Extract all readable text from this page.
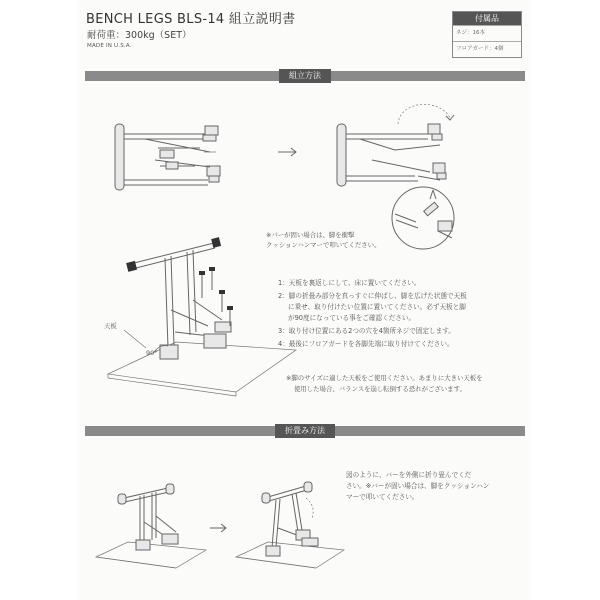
BENCH LEGS BLS-14 組立説明書
耐荷重：300kg（SET）
MADE IN U.S.A.
付属品
ネジ：16本
フロアガード：4個
組立方法
※バーが固い場合は、脚を衝撃
クッションハンマーで叩いてください。
天板
90°
1：天板を裏返しにして、床に置いてください。
2：脚の折畳み部分を真っすぐに伸ばし、脚を広げた状態で天板
に乗せ、取り付けたい位置に置いてください。必ず天板と脚
が90度になっている事をご確認ください。
3：取り付け位置にある2つの穴を4箇所ネジで固定します。
4：最後にフロアガードを各脚先端に取り付けてください。
※脚のサイズに適した天板をご使用ください。あまりに大きい天板を
使用した場合、バランスを崩し転倒する恐れがございます。
折畳み方法
図のように、バーを外側に折り畳んでくだ
さい。※バーが固い場合は、脚をクッションハン
マーで叩いてください。
